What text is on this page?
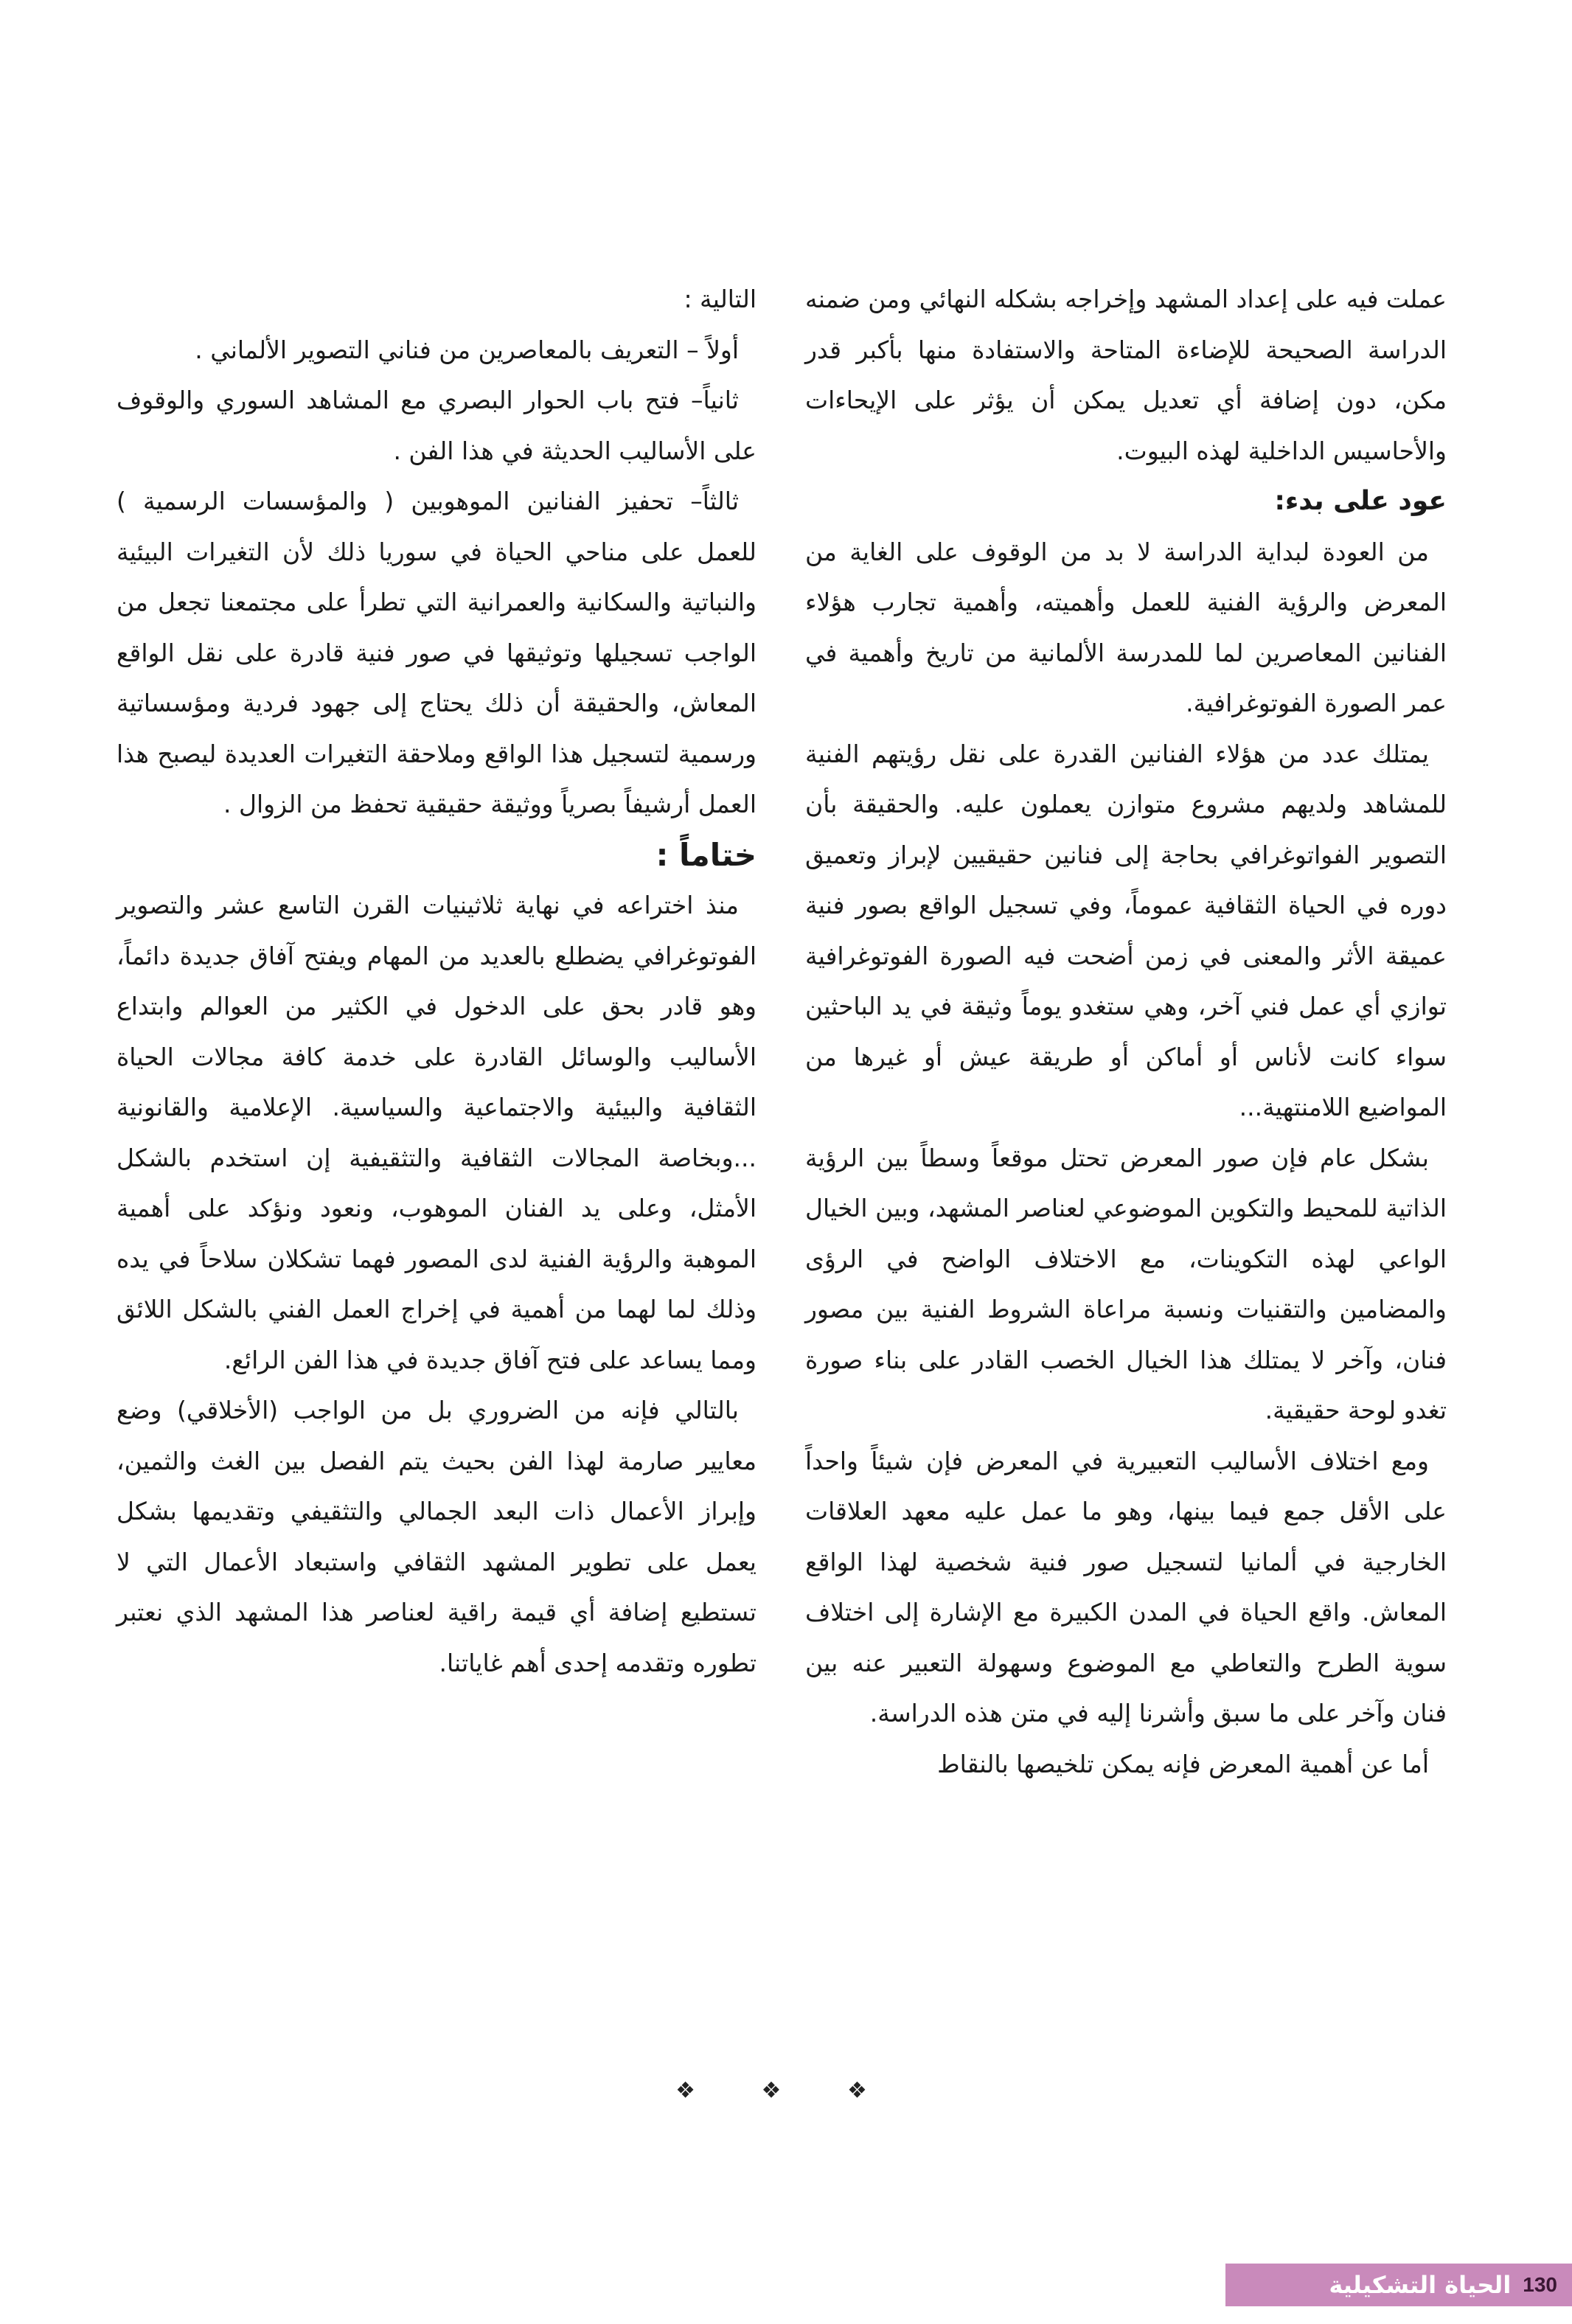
عملت فيه على إعداد المشهد وإخراجه بشكله النهائي ومن ضمنه الدراسة الصحيحة للإضاءة المتاحة والاستفادة منها بأكبر قدر مكن، دون إضافة أي تعديل يمكن أن يؤثر على الإيحاءات والأحاسيس الداخلية لهذه البيوت.

عود على بدء:

من العودة لبداية الدراسة لا بد من الوقوف على الغاية من المعرض والرؤية الفنية للعمل وأهميته، وأهمية تجارب هؤلاء الفنانين المعاصرين لما للمدرسة الألمانية من تاريخ وأهمية في عمر الصورة الفوتوغرافية.

يمتلك عدد من هؤلاء الفنانين القدرة على نقل رؤيتهم الفنية للمشاهد ولديهم مشروع متوازن يعملون عليه. والحقيقة بأن التصوير الفواتوغرافي بحاجة إلى فنانين حقيقيين لإبراز وتعميق دوره في الحياة الثقافية عموماً، وفي تسجيل الواقع بصور فنية عميقة الأثر والمعنى في زمن أضحت فيه الصورة الفوتوغرافية توازي أي عمل فني آخر، وهي ستغدو يوماً وثيقة في يد الباحثين سواء كانت لأناس أو أماكن أو طريقة عيش أو غيرها من المواضيع اللامنتهية...

بشكل عام فإن صور المعرض تحتل موقعاً وسطاً بين الرؤية الذاتية للمحيط والتكوين الموضوعي لعناصر المشهد، وبين الخيال الواعي لهذه التكوينات، مع الاختلاف الواضح في الرؤى والمضامين والتقنيات ونسبة مراعاة الشروط الفنية بين مصور فنان، وآخر لا يمتلك هذا الخيال الخصب القادر على بناء صورة تغدو لوحة حقيقية.

ومع اختلاف الأساليب التعبيرية في المعرض فإن شيئاً واحداً على الأقل جمع فيما بينها، وهو ما عمل عليه معهد العلاقات الخارجية في ألمانيا لتسجيل صور فنية شخصية لهذا الواقع المعاش. واقع الحياة في المدن الكبيرة مع الإشارة إلى اختلاف سوية الطرح والتعاطي مع الموضوع وسهولة التعبير عنه بين فنان وآخر على ما سبق وأشرنا إليه في متن هذه الدراسة.

أما عن أهمية المعرض فإنه يمكن تلخيصها بالنقاط

التالية :

أولاً – التعريف بالمعاصرين من فناني التصوير الألماني .

ثانياً– فتح باب الحوار البصري مع المشاهد السوري والوقوف على الأساليب الحديثة في هذا الفن .

ثالثاً– تحفيز الفنانين الموهوبين ( والمؤسسات الرسمية ) للعمل على مناحي الحياة في سوريا ذلك لأن التغيرات البيئية والنباتية والسكانية والعمرانية التي تطرأ على مجتمعنا تجعل من الواجب تسجيلها وتوثيقها في صور فنية قادرة على نقل الواقع المعاش، والحقيقة أن ذلك يحتاج إلى جهود فردية ومؤسساتية ورسمية لتسجيل هذا الواقع وملاحقة التغيرات العديدة ليصبح هذا العمل أرشيفاً بصرياً ووثيقة حقيقية تحفظ من الزوال .

ختاماً :

منذ اختراعه في نهاية ثلاثينيات القرن التاسع عشر والتصوير الفوتوغرافي يضطلع بالعديد من المهام ويفتح آفاق جديدة دائماً، وهو قادر بحق على الدخول في الكثير من العوالم وابتداع الأساليب والوسائل القادرة على خدمة كافة مجالات الحياة الثقافية والبيئية والاجتماعية والسياسية. الإعلامية والقانونية ...وبخاصة المجالات الثقافية والتثقيفية إن استخدم بالشكل الأمثل، وعلى يد الفنان الموهوب، ونعود ونؤكد على أهمية الموهبة والرؤية الفنية لدى المصور فهما تشكلان سلاحاً في يده وذلك لما لهما من أهمية في إخراج العمل الفني بالشكل اللائق ومما يساعد على فتح آفاق جديدة في هذا الفن الرائع.

بالتالي فإنه من الضروري بل من الواجب (الأخلاقي) وضع معايير صارمة لهذا الفن بحيث يتم الفصل بين الغث والثمين، وإبراز الأعمال ذات البعد الجمالي والتثقيفي وتقديمها بشكل يعمل على تطوير المشهد الثقافي واستبعاد الأعمال التي لا تستطيع إضافة أي قيمة راقية لعناصر هذا المشهد الذي نعتبر تطوره وتقدمه إحدى أهم غاياتنا.

❖ ❖ ❖
130
الحياة التشكيلية
